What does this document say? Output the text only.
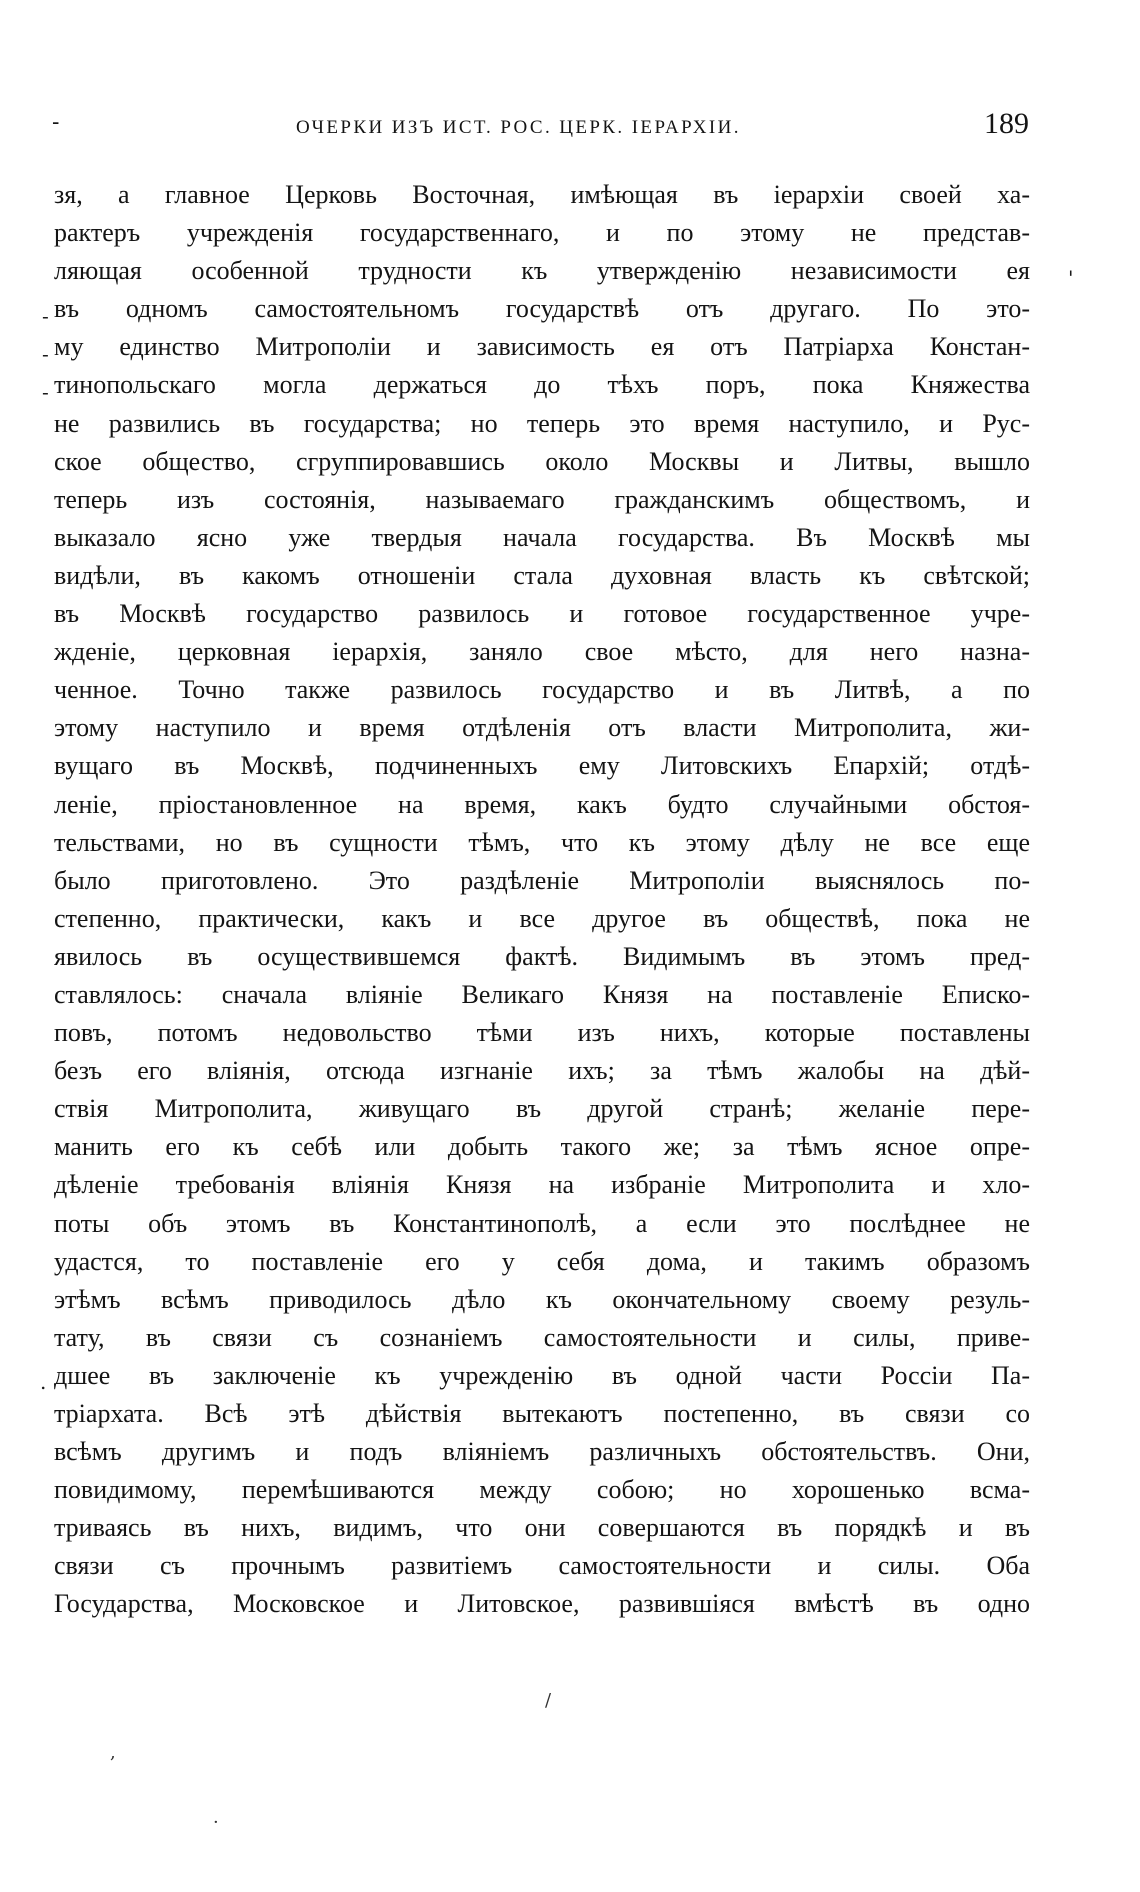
-	ОЧЕРКИ ИЗЪ ИСТ. РОС. ЦЕРК. IЕРАРХIИ.	189
зя, а главное Церковь Восточная, имѣющая въ іерархіи своей ха-
рактеръ учрежденія государственнаго, и по этому не представ-
ляющая особенной трудности къ утвержденію независимости ея
въ одномъ самостоятельномъ государствѣ отъ другаго. По это-
му единство Митрополіи и зависимость ея отъ Патріарха Констан-
тинопольскаго могла держаться до тѣхъ поръ, пока Княжества
не развились въ государства; но теперь это время наступило, и Рус-
ское общество, сгруппировавшись около Москвы и Литвы, вышло
теперь изъ состоянія, называемаго гражданскимъ обществомъ, и
выказало ясно уже твердыя начала государства. Въ Москвѣ мы
видѣли, въ какомъ отношеніи стала духовная власть къ свѣтской;
въ Москвѣ государство развилось и готовое государственное учре-
жденіе, церковная іерархія, заняло свое мѣсто, для него назна-
ченное. Точно также развилось государство и въ Литвѣ, а по
этому наступило и время отдѣленія отъ власти Митрополита, жи-
вущаго въ Москвѣ, подчиненныхъ ему Литовскихъ Епархій; отдѣ-
леніе, пріостановленное на время, какъ будто случайными обстоя-
тельствами, но въ сущности тѣмъ, что къ этому дѣлу не все еще
было приготовлено. Это раздѣленіе Митрополіи выяснялось по-
степенно, практически, какъ и все другое въ обществѣ, пока не
явилось въ осуществившемся фактѣ. Видимымъ въ этомъ пред-
ставлялось: сначала вліяніе Великаго Князя на поставленіе Еписко-
повъ, потомъ недовольство тѣми изъ нихъ, которые поставлены
безъ его вліянія, отсюда изгнаніе ихъ; за тѣмъ жалобы на дѣй-
ствія Митрополита, живущаго въ другой странѣ; желаніе пере-
манить его къ себѣ или добыть такого же; за тѣмъ ясное опре-
дѣленіе требованія вліянія Князя на избраніе Митрополита и хло-
поты объ этомъ въ Константинополѣ, а если это послѣднее не
удастся, то поставленіе его у себя дома, и такимъ образомъ
этѣмъ всѣмъ приводилось дѣло къ окончательному своему резуль-
тату, въ связи съ сознаніемъ самостоятельности и силы, приве-
дшее въ заключеніе къ учрежденію въ одной части Россіи Па-
тріархата. Всѣ этѣ дѣйствія вытекаютъ постепенно, въ связи со
всѣмъ другимъ и подъ вліяніемъ различныхъ обстоятельствъ. Они,
повидимому, перемѣшиваются между собою; но хорошенько всма-
триваясь въ нихъ, видимъ, что они совершаются въ порядкѣ и въ
связи съ прочнымъ развитіемъ самостоятельности и силы. Оба
Государства, Московское и Литовское, развившіяся вмѣстѣ въ одно
'
-
-
-
.
/
,
·
